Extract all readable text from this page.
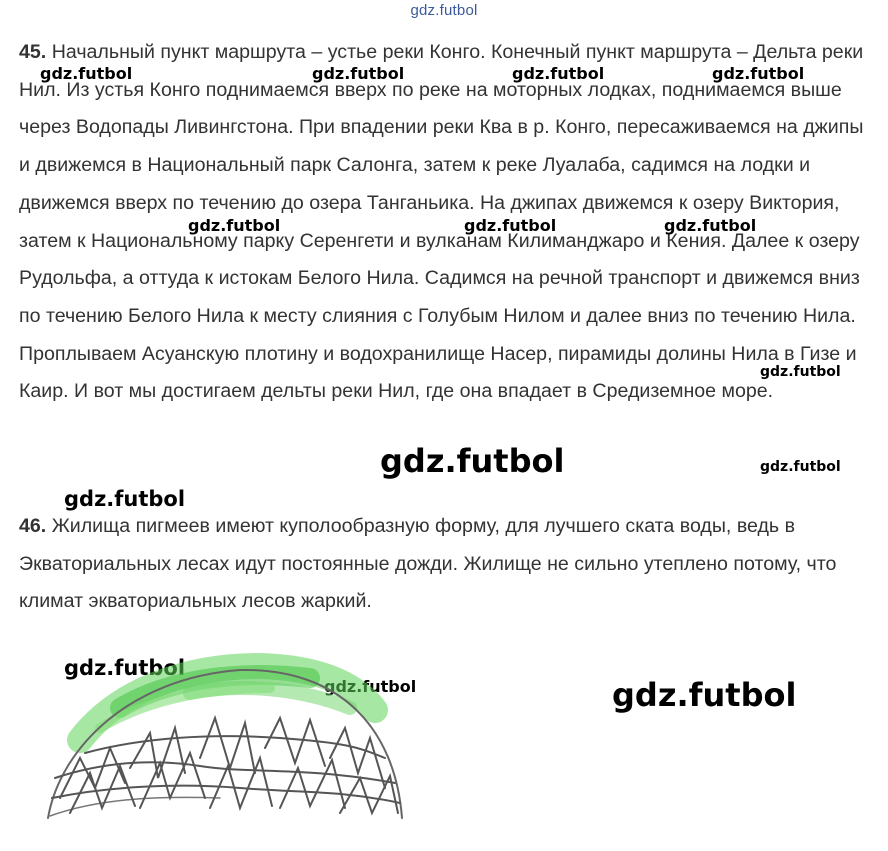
gdz.futbol

45. Начальный пункт маршрута – устье реки Конго. Конечный пункт маршрута – Дельта реки Нил. Из устья Конго поднимаемся вверх по реке на моторных лодках, поднимаемся выше через Водопады Ливингстона. При впадении реки Ква в р. Конго, пересаживаемся на джипы и движемся в Национальный парк Салонга, затем к реке Луалаба, садимся на лодки и движемся вверх по течению до озера Танганьика. На джипах движемся к озеру Виктория, затем к Национальному парку Серенгети и вулканам Килиманджаро и Кения. Далее к озеру Рудольфа, а оттуда к истокам Белого Нила. Садимся на речной транспорт и движемся вниз по течению Белого Нила к месту слияния с Голубым Нилом и далее вниз по течению Нила. Проплываем Асуанскую плотину и водохранилище Насер, пирамиды долины Нила в Гизе и Каир. И вот мы достигаем дельты реки Нил, где она впадает в Средиземное море.

46. Жилища пигмеев имеют куполообразную форму, для лучшего ската воды, ведь в Экваториальных лесах идут постоянные дожди. Жилище не сильно утеплено потому, что климат экваториальных лесов жаркий.

gdz.futbol	gdz.futbol	gdz.futbol	gdz.futbol
gdz.futbol	gdz.futbol	gdz.futbol
gdz.futbol
gdz.futbol	gdz.futbol
gdz.futbol
gdz.futbol
gdz.futbol	gdz.futbol
